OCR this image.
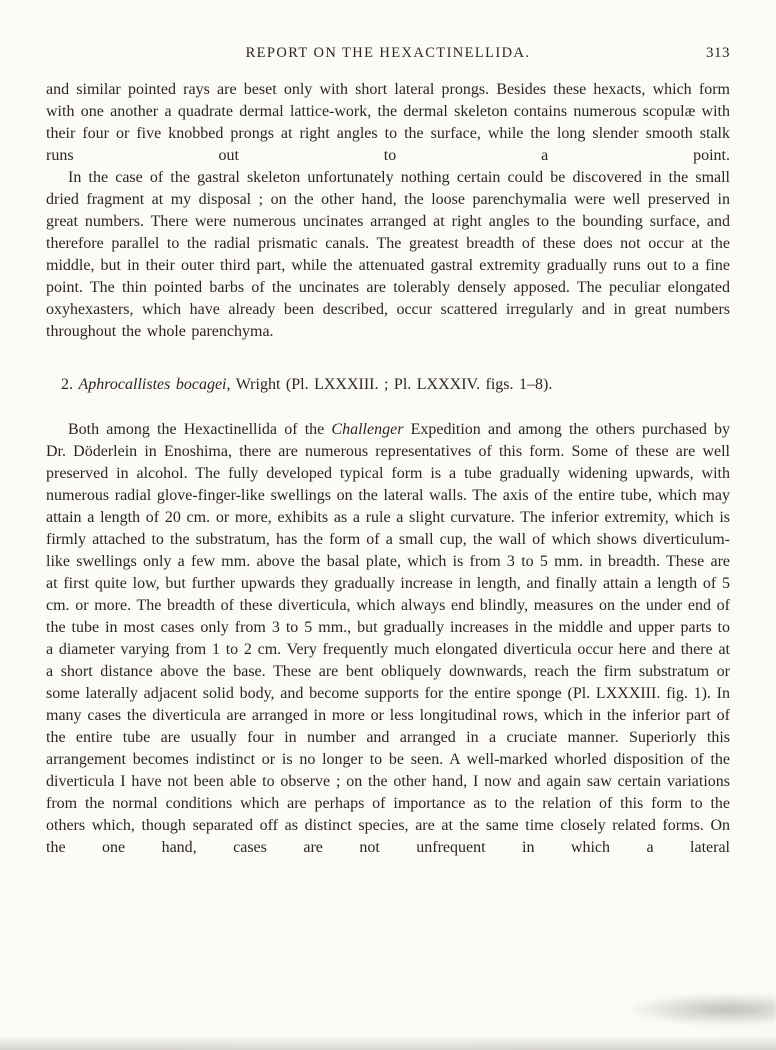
REPORT ON THE HEXACTINELLIDA.	313

and similar pointed rays are beset only with short lateral prongs. Besides these hexacts, which form with one another a quadrate dermal lattice-work, the dermal skeleton contains numerous scopulæ with their four or five knobbed prongs at right angles to the surface, while the long slender smooth stalk runs out to a point.

In the case of the gastral skeleton unfortunately nothing certain could be discovered in the small dried fragment at my disposal ; on the other hand, the loose parenchymalia were well preserved in great numbers. There were numerous uncinates arranged at right angles to the bounding surface, and therefore parallel to the radial prismatic canals. The greatest breadth of these does not occur at the middle, but in their outer third part, while the attenuated gastral extremity gradually runs out to a fine point. The thin pointed barbs of the uncinates are tolerably densely apposed. The peculiar elongated oxyhexasters, which have already been described, occur scattered irregularly and in great numbers throughout the whole parenchyma.

2. Aphrocallistes bocagei, Wright (Pl. LXXXIII. ; Pl. LXXXIV. figs. 1–8).

Both among the Hexactinellida of the Challenger Expedition and among the others purchased by Dr. Döderlein in Enoshima, there are numerous representatives of this form. Some of these are well preserved in alcohol. The fully developed typical form is a tube gradually widening upwards, with numerous radial glove-finger-like swellings on the lateral walls. The axis of the entire tube, which may attain a length of 20 cm. or more, exhibits as a rule a slight curvature. The inferior extremity, which is firmly attached to the substratum, has the form of a small cup, the wall of which shows diverticulum-like swellings only a few mm. above the basal plate, which is from 3 to 5 mm. in breadth. These are at first quite low, but further upwards they gradually increase in length, and finally attain a length of 5 cm. or more. The breadth of these diverticula, which always end blindly, measures on the under end of the tube in most cases only from 3 to 5 mm., but gradually increases in the middle and upper parts to a diameter varying from 1 to 2 cm. Very frequently much elongated diverticula occur here and there at a short distance above the base. These are bent obliquely downwards, reach the firm substratum or some laterally adjacent solid body, and become supports for the entire sponge (Pl. LXXXIII. fig. 1). In many cases the diverticula are arranged in more or less longitudinal rows, which in the inferior part of the entire tube are usually four in number and arranged in a cruciate manner. Superiorly this arrangement becomes indistinct or is no longer to be seen. A well-marked whorled disposition of the diverticula I have not been able to observe ; on the other hand, I now and again saw certain variations from the normal conditions which are perhaps of importance as to the relation of this form to the others which, though separated off as distinct species, are at the same time closely related forms. On the one hand, cases are not unfrequent in which a lateral
